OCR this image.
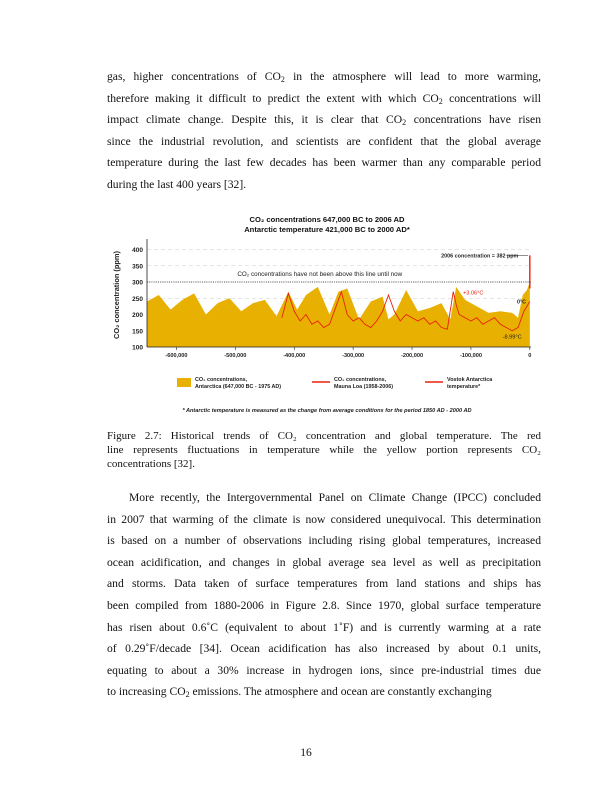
gas, higher concentrations of $CO_2$ in the atmosphere will lead to more warming,
therefore making it difficult to predict the extent with which $CO_2$ concentrations will
impact climate change. Despite this, it is clear that $CO_2$ concentrations have risen
since the industrial revolution, and scientists are confident that the global average
temperature during the last few decades has been warmer than any comparable period
during the last 400 years [32].
CO₂ concentrations 647,000 BC to 2006 AD
Antarctic temperature 421,000 BC to 2000 AD*
400
350
300
250
200
150
100
-600,000	-500,000	-400,000	-300,000	-200,000	-100,000	0
CO₂ concentration (ppm)	CO₂ concentrations have not been above this line until now
2006 concentration = 382 ppm
+3.06°C
-8.99°C
0°C
CO₂ concentrations,
Antarctica (647,000 BC - 1975 AD)
CO₂ concentrations,
Mauna Loa (1958-2006)
Vostok Antarctica
temperature*
* Antarctic temperature is measured as the change from average conditions for the period 1850 AD - 2000 AD
Figure 2.7: Historical trends of CO₂ concentration and global temperature. The red
line represents fluctuations in temperature while the yellow portion represents CO₂
concentrations [32].
More recently, the Intergovernmental Panel on Climate Change (IPCC) concluded
in 2007 that warming of the climate is now considered unequivocal. This determination
is based on a number of observations including rising global temperatures, increased
ocean acidification, and changes in global average sea level as well as precipitation
and storms. Data taken of surface temperatures from land stations and ships has
been compiled from 1880-2006 in Figure 2.8. Since 1970, global surface temperature
has risen about 0.6˚C (equivalent to about 1˚F) and is currently warming at a rate
of 0.29˚F/decade [34]. Ocean acidification has also increased by about 0.1 units,
equating to about a 30% increase in hydrogen ions, since pre-industrial times due
to increasing $CO_2$ emissions. The atmosphere and ocean are constantly exchanging
16
